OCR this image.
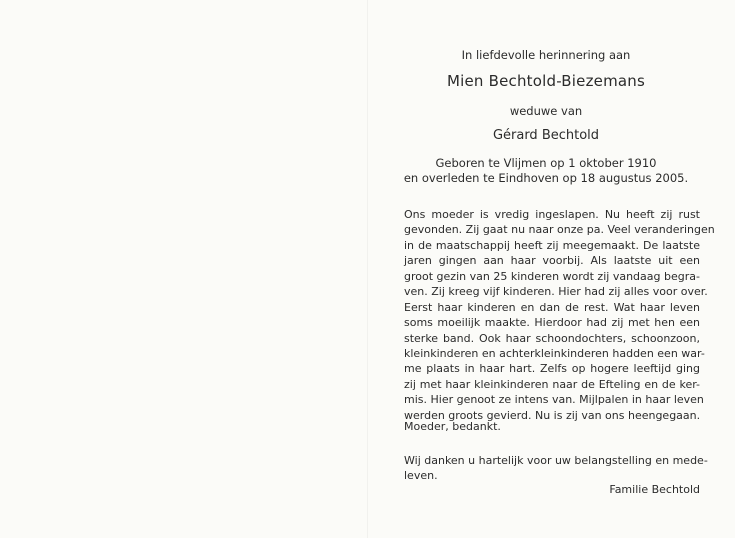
In liefdevolle herinnering aan
Mien Bechtold-Biezemans
weduwe van
Gérard Bechtold
Geboren te Vlijmen op 1 oktober 1910
en overleden te Eindhoven op 18 augustus 2005.
Ons moeder is vredig ingeslapen. Nu heeft zij rust
gevonden. Zij gaat nu naar onze pa. Veel veranderingen
in de maatschappij heeft zij meegemaakt. De laatste
jaren gingen aan haar voorbij. Als laatste uit een
groot gezin van 25 kinderen wordt zij vandaag begra-
ven. Zij kreeg vijf kinderen. Hier had zij alles voor over.
Eerst haar kinderen en dan de rest. Wat haar leven
soms moeilijk maakte. Hierdoor had zij met hen een
sterke band. Ook haar schoondochters, schoonzoon,
kleinkinderen en achterkleinkinderen hadden een war-
me plaats in haar hart. Zelfs op hogere leeftijd ging
zij met haar kleinkinderen naar de Efteling en de ker-
mis. Hier genoot ze intens van. Mijlpalen in haar leven
werden groots gevierd. Nu is zij van ons heengegaan.
Moeder, bedankt.
Wij danken u hartelijk voor uw belangstelling en mede-
leven.
Familie Bechtold
